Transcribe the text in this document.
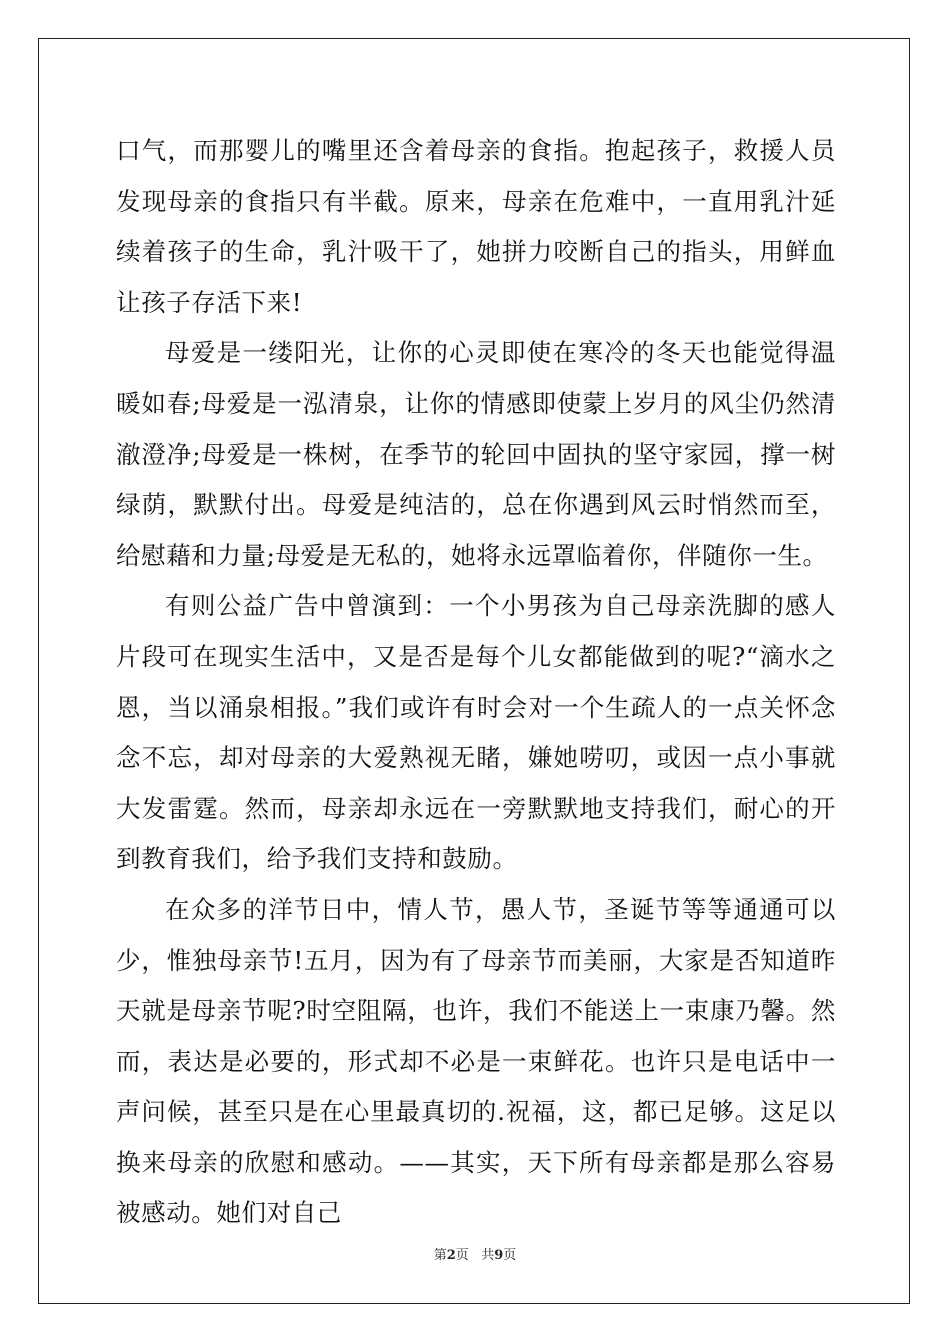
口气，而那婴儿的嘴里还含着母亲的食指。抱起孩子，救援人员发现母亲的食指只有半截。原来，母亲在危难中，一直用乳汁延续着孩子的生命，乳汁吸干了，她拼力咬断自己的指头，用鲜血让孩子存活下来!

母爱是一缕阳光，让你的心灵即使在寒冷的冬天也能觉得温暖如春;母爱是一泓清泉，让你的情感即使蒙上岁月的风尘仍然清澈澄净;母爱是一株树，在季节的轮回中固执的坚守家园，撑一树绿荫，默默付出。母爱是纯洁的，总在你遇到风云时悄然而至，给慰藉和力量;母爱是无私的，她将永远罩临着你，伴随你一生。

有则公益广告中曾演到：一个小男孩为自己母亲洗脚的感人片段可在现实生活中，又是否是每个儿女都能做到的呢?“滴水之恩，当以涌泉相报。”我们或许有时会对一个生疏人的一点关怀念念不忘，却对母亲的大爱熟视无睹，嫌她唠叨，或因一点小事就大发雷霆。然而，母亲却永远在一旁默默地支持我们，耐心的开到教育我们，给予我们支持和鼓励。

在众多的洋节日中，情人节，愚人节，圣诞节等等通通可以少，惟独母亲节!五月，因为有了母亲节而美丽，大家是否知道昨天就是母亲节呢?时空阻隔，也许，我们不能送上一束康乃馨。然而，表达是必要的，形式却不必是一束鲜花。也许只是电话中一声问候，甚至只是在心里最真切的.祝福，这，都已足够。这足以换来母亲的欣慰和感动。——其实，天下所有母亲都是那么容易被感动。她们对自己

第2页 共9页
